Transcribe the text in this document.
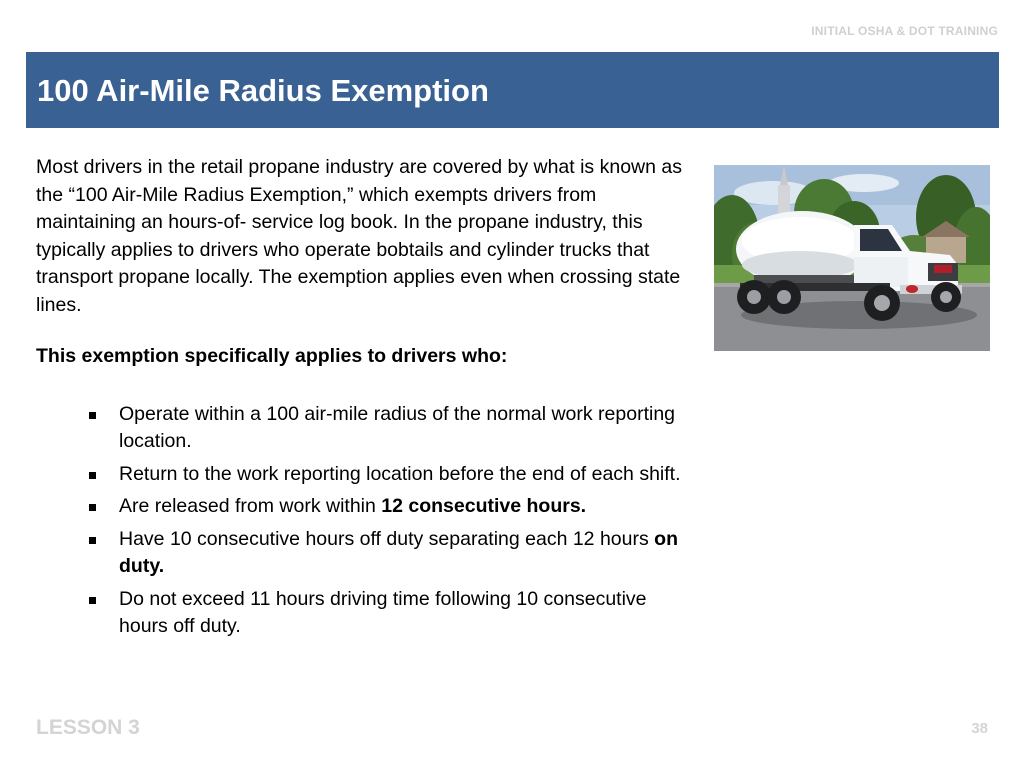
INITIAL OSHA & DOT TRAINING
100 Air-Mile Radius Exemption

Most drivers in the retail propane industry are covered by what is known as the “100 Air-Mile Radius Exemption,” which exempts drivers from maintaining an hours-of- service log book. In the propane industry, this typically applies to drivers who operate bobtails and cylinder trucks that transport propane locally. The exemption applies even when crossing state lines.

This exemption specifically applies to drivers who:

Operate within a 100 air-mile radius of the normal work reporting location.
Return to the work reporting location before the end of each shift.
Are released from work within 12 consecutive hours.
Have 10 consecutive hours off duty separating each 12 hours on duty.
Do not exceed 11 hours driving time following 10 consecutive hours off duty.
LESSON 3	38
